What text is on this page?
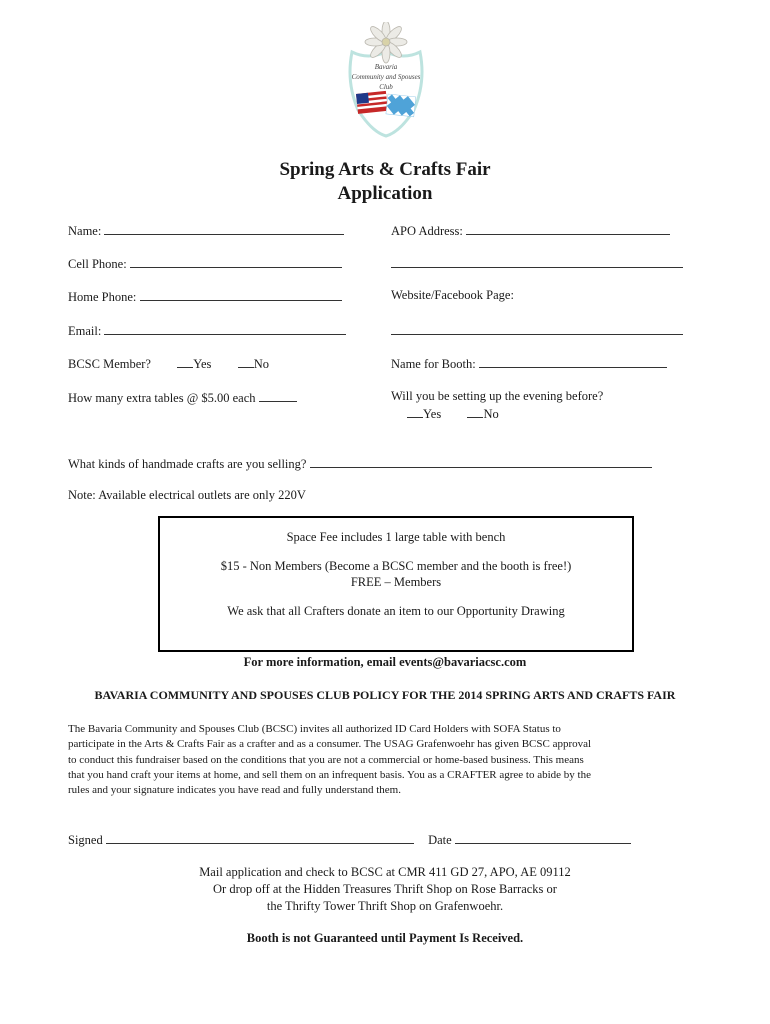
Bavaria
Community and Spouses
Club
Spring Arts & Crafts Fair
Application
Name:
Cell Phone:
Home Phone:
Email:
BCSC Member?	Yes	No
How many extra tables @ $5.00 each
APO Address:
Website/Facebook Page:
Name for Booth:
Will you be setting up the evening before?
Yes	No
What kinds of handmade crafts are you selling?
Note: Available electrical outlets are only 220V
Space Fee includes 1 large table with bench
$15 - Non Members (Become a BCSC member and the booth is free!)
FREE – Members
We ask that all Crafters donate an item to our Opportunity Drawing
For more information, email events@bavariacsc.com
BAVARIA COMMUNITY AND SPOUSES CLUB POLICY FOR THE 2014 SPRING ARTS AND CRAFTS FAIR

The Bavaria Community and Spouses Club (BCSC) invites all authorized ID Card Holders with SOFA Status to

participate in the Arts & Crafts Fair as a crafter and as a consumer. The USAG Grafenwoehr has given BCSC approval

to conduct this fundraiser based on the conditions that you are not a commercial or home-based business. This means

that you hand craft your items at home, and sell them on an infrequent basis. You as a CRAFTER agree to abide by the

rules and your signature indicates you have read and fully understand them.

Signed	Date
Mail application and check to BCSC at CMR 411 GD 27, APO, AE 09112
Or drop off at the Hidden Treasures Thrift Shop on Rose Barracks or
the Thrifty Tower Thrift Shop on Grafenwoehr.
Booth is not Guaranteed until Payment Is Received.
